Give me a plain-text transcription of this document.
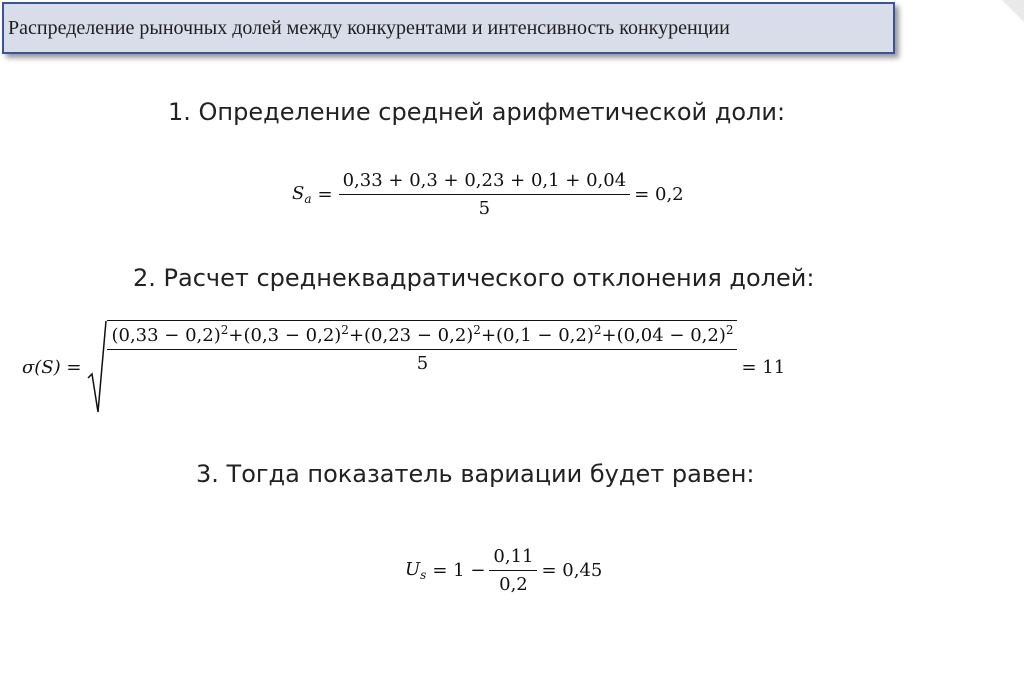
Распределение рыночных долей между конкурентами и интенсивность конкуренции
1. Определение средней арифметической доли:
$S_a = \frac{0,33 + 0,3 + 0,23 + 0,1 + 0,04}{5} = 0,2$
2. Расчет среднеквадратического отклонения долей:
σ(S) =
$(0,33 - 0,2)^2+(0,3 - 0,2)^2+(0,23 - 0,2)^2+(0,1 - 0,2)^2+(0,04 - 0,2)^2$
5	= 11
3. Тогда показатель вариации будет равен:
$U_s = 1 - \frac{0,11}{0,2} = 0,45$
